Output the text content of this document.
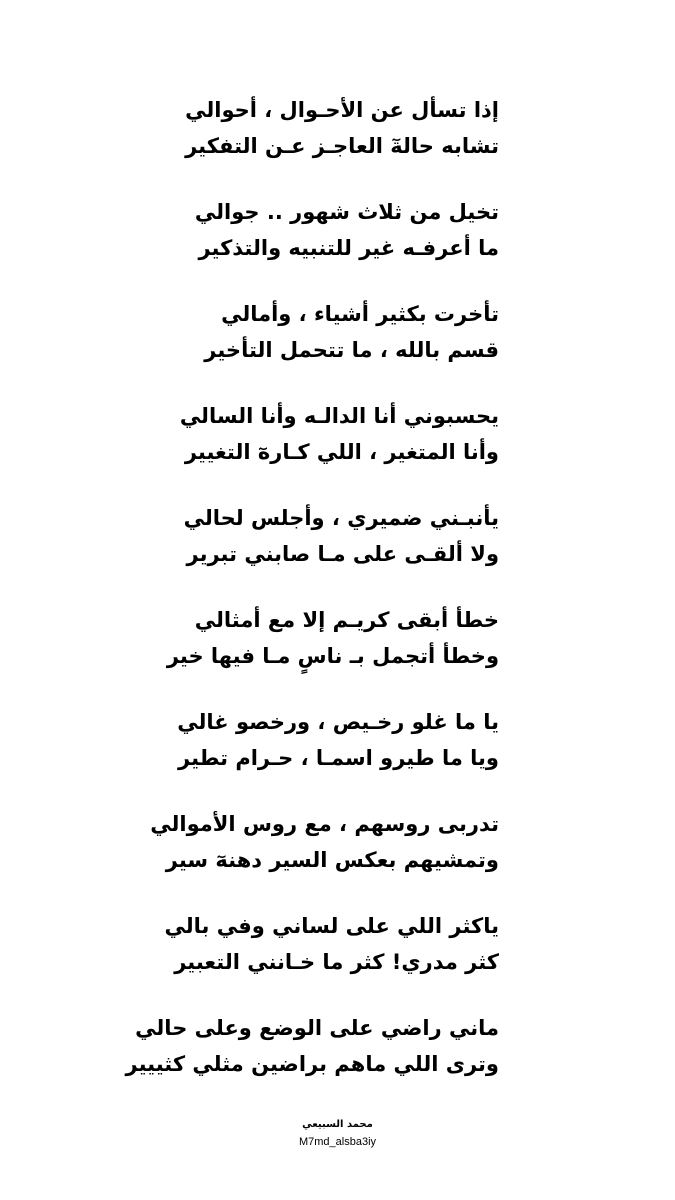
إذا تسأل عن الأحـوال ، أحوالي
تشابه حالةٓ العاجـز عـن التفكير
تخيل من ثلاث شهور .. جوالي
ما أعرفـه غير للتنبيه والتذكير
تأخرت بكثير أشياء ، وأمالي
قسم بالله ، ما تتحمل التأخير
يحسبوني أنا الدالـه وأنا السالي
وأنا المتغير ، اللي كـارهٓ التغيير
يأنبـني ضميري ، وأجلس لحالي
ولا ألقـى على مـا صابني تبرير
خطأ أبقى كريـم إلا مع أمثالي
وخطأ أتجمل بـ ناسٍ مـا فيها خير
يا ما غلو رخـيص ، ورخصو غالي
ويا ما طيرو اسمـا ، حـرام تطير
تدربى روسهم ، مع روس الأموالي
وتمشيهم بعكس السير دهنهٓ سير
ياكثر اللي على لساني وفي بالي
كثر مدري! كثر ما خـانني التعبير
ماني راضي على الوضع وعلى حالي
وترى اللي ماهم براضين مثلي كثييير
محمد السبيعي
M7md_alsba3iy
